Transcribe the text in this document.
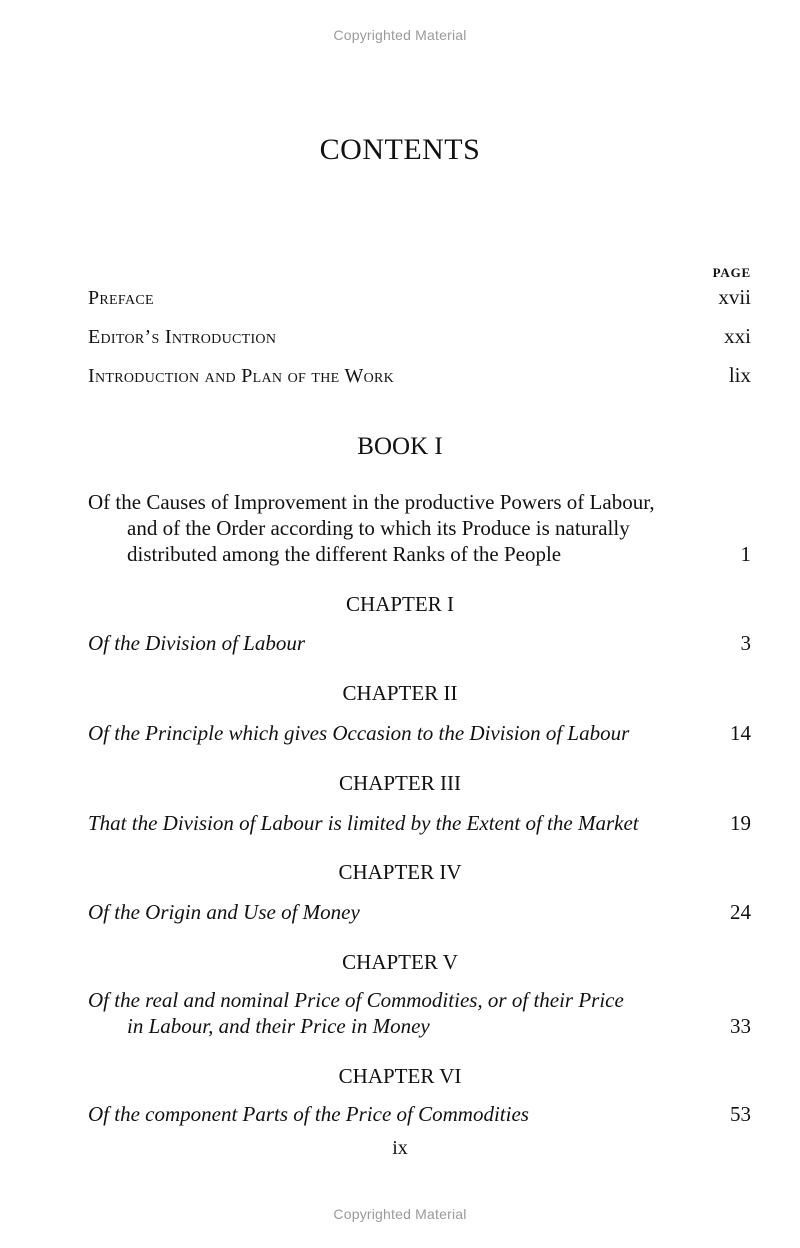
Copyrighted Material
CONTENTS
PAGE
Preface	xvii
Editor’s Introduction	xxi
Introduction and Plan of the Work	lix
BOOK I
Of the Causes of Improvement in the productive Powers of Labour,
and of the Order according to which its Produce is naturally
distributed among the different Ranks of the People	1
CHAPTER I
Of the Division of Labour	3
CHAPTER II
Of the Principle which gives Occasion to the Division of Labour	14
CHAPTER III
That the Division of Labour is limited by the Extent of the Market	19
CHAPTER IV
Of the Origin and Use of Money	24
CHAPTER V
Of the real and nominal Price of Commodities, or of their Price
in Labour, and their Price in Money	33
CHAPTER VI
Of the component Parts of the Price of Commodities	53
ix
Copyrighted Material
